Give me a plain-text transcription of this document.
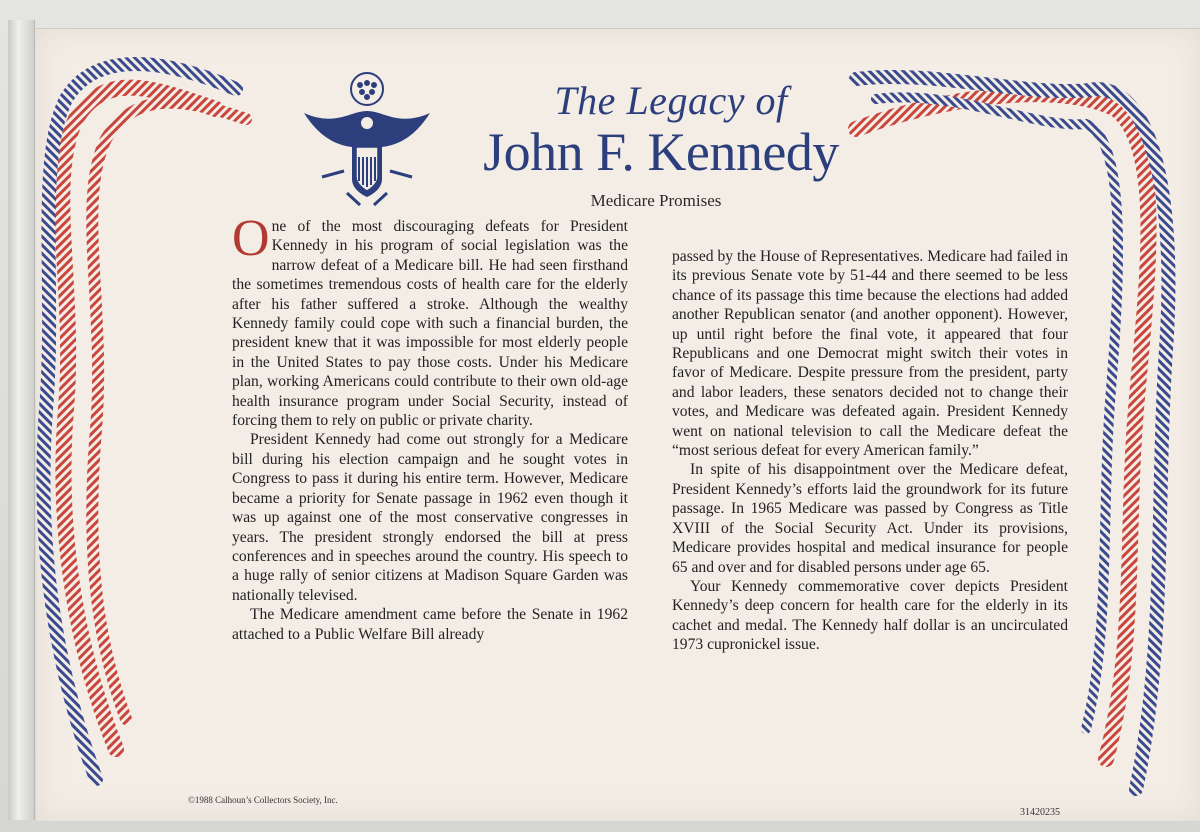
The Legacy of
John F. Kennedy
Medicare Promises

One of the most discouraging defeats for President Kennedy in his program of social legislation was the narrow defeat of a Medicare bill. He had seen firsthand the sometimes tremendous costs of health care for the elderly after his father suffered a stroke. Although the wealthy Kennedy family could cope with such a financial burden, the president knew that it was impossible for most elderly people in the United States to pay those costs. Under his Medicare plan, working Americans could contribute to their own old-age health insurance program under Social Security, instead of forcing them to rely on public or private charity.

President Kennedy had come out strongly for a Medicare bill during his election campaign and he sought votes in Congress to pass it during his entire term. However, Medicare became a priority for Senate passage in 1962 even though it was up against one of the most conservative congresses in years. The president strongly endorsed the bill at press conferences and in speeches around the country. His speech to a huge rally of senior citizens at Madison Square Garden was nationally televised.

The Medicare amendment came before the Senate in 1962 attached to a Public Welfare Bill already

passed by the House of Representatives. Medicare had failed in its previous Senate vote by 51-44 and there seemed to be less chance of its passage this time because the elections had added another Republican senator (and another opponent). However, up until right before the final vote, it appeared that four Republicans and one Democrat might switch their votes in favor of Medicare. Despite pressure from the president, party and labor leaders, these senators decided not to change their votes, and Medicare was defeated again. President Kennedy went on national television to call the Medicare defeat the “most serious defeat for every American family.”

In spite of his disappointment over the Medicare defeat, President Kennedy’s efforts laid the groundwork for its future passage. In 1965 Medicare was passed by Congress as Title XVIII of the Social Security Act. Under its provisions, Medicare provides hospital and medical insurance for people 65 and over and for disabled persons under age 65.

Your Kennedy commemorative cover depicts President Kennedy’s deep concern for health care for the elderly in its cachet and medal. The Kennedy half dollar is an uncirculated 1973 cupronickel issue.

©1988 Calhoun’s Collectors Society, Inc.
31420235
